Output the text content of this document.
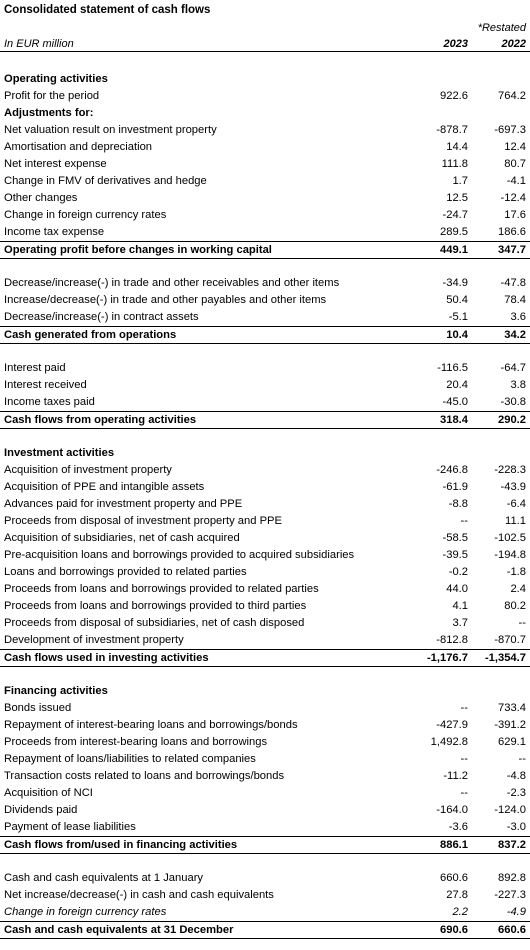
Consolidated statement of cash flows
*Restated
In EUR million	2023	2022
Operating activities
Profit for the period	922.6	764.2
Adjustments for:
Net valuation result on investment property	-878.7	-697.3
Amortisation and depreciation	14.4	12.4
Net interest expense	111.8	80.7
Change in FMV of derivatives and hedge	1.7	-4.1
Other changes	12.5	-12.4
Change in foreign currency rates	-24.7	17.6
Income tax expense	289.5	186.6
Operating profit before changes in working capital	449.1	347.7
Decrease/increase(-) in trade and other receivables and other items	-34.9	-47.8
Increase/decrease(-) in trade and other payables and other items	50.4	78.4
Decrease/increase(-) in contract assets	-5.1	3.6
Cash generated from operations	10.4	34.2
Interest paid	-116.5	-64.7
Interest received	20.4	3.8
Income taxes paid	-45.0	-30.8
Cash flows from operating activities	318.4	290.2
Investment activities
Acquisition of investment property	-246.8	-228.3
Acquisition of PPE and intangible assets	-61.9	-43.9
Advances paid for investment property and PPE	-8.8	-6.4
Proceeds from disposal of investment property and PPE	--	11.1
Acquisition of subsidiaries, net of cash acquired	-58.5	-102.5
Pre-acquisition loans and borrowings provided to acquired subsidiaries	-39.5	-194.8
Loans and borrowings provided to related parties	-0.2	-1.8
Proceeds from loans and borrowings provided to related parties	44.0	2.4
Proceeds from loans and borrowings provided to third parties	4.1	80.2
Proceeds from disposal of subsidiaries, net of cash disposed	3.7	--
Development of investment property	-812.8	-870.7
Cash flows used in investing activities	-1,176.7	-1,354.7
Financing activities
Bonds issued	--	733.4
Repayment of interest-bearing loans and borrowings/bonds	-427.9	-391.2
Proceeds from interest-bearing loans and borrowings	1,492.8	629.1
Repayment of loans/liabilities to related companies	--	--
Transaction costs related to loans and borrowings/bonds	-11.2	-4.8
Acquisition of NCI	--	-2.3
Dividends paid	-164.0	-124.0
Payment of lease liabilities	-3.6	-3.0
Cash flows from/used in financing activities	886.1	837.2
Cash and cash equivalents at 1 January	660.6	892.8
Net increase/decrease(-) in cash and cash equivalents	27.8	-227.3
Change in foreign currency rates	2.2	-4.9
Cash and cash equivalents at 31 December	690.6	660.6
